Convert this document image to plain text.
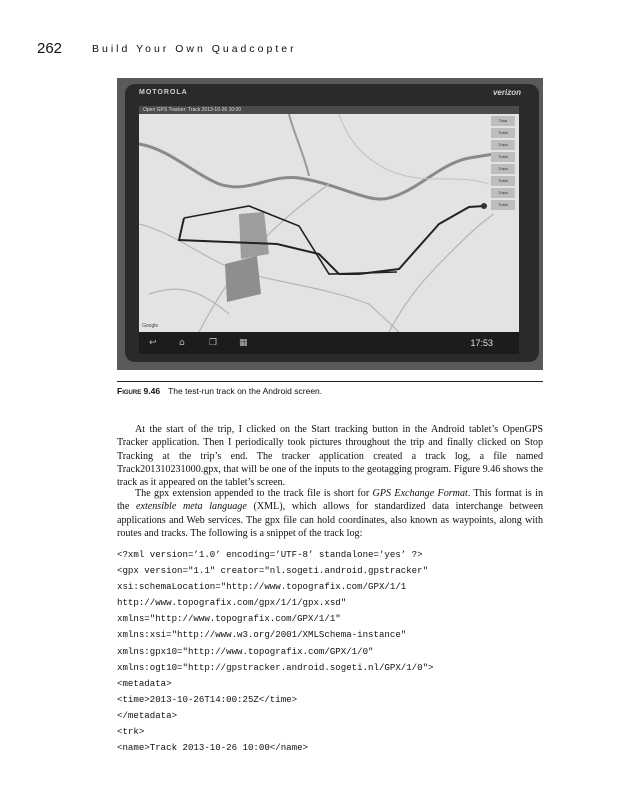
262	Build Your Own Quadcopter
MOTOROLA	verizon
Open GPS Tracker: Track 2013-10-26 10:00
Total
Track
Track
Track
Track
Track
Track
Track
Google
↩ ⌂	❐ ▦	17:53
Figure 9.46 The test-run track on the Android screen.

At the start of the trip, I clicked on the Start tracking button in the Android tablet’s OpenGPS Tracker application. Then I periodically took pictures throughout the trip and finally clicked on Stop Tracking at the trip’s end. The tracker application created a track log, a file named Track201310231000.gpx, that will be one of the inputs to the geotagging program. Figure 9.46 shows the track as it appeared on the tablet’s screen.

The gpx extension appended to the track file is short for GPS Exchange Format. This format is in the extensible meta language (XML), which allows for standardized data interchange between applications and Web services. The gpx file can hold coordinates, also known as waypoints, along with routes and tracks. The following is a snippet of the track log:

<?xml version=’1.0’ encoding=’UTF-8’ standalone=’yes’ ?>
<gpx version="1.1" creator="nl.sogeti.android.gpstracker"
xsi:schemaLocation="http://www.topografix.com/GPX/1/1
http://www.topografix.com/gpx/1/1/gpx.xsd"
xmlns="http://www.topografix.com/GPX/1/1"
xmlns:xsi="http://www.w3.org/2001/XMLSchema-instance"
xmlns:gpx10="http://www.topografix.com/GPX/1/0"
xmlns:ogt10="http://gpstracker.android.sogeti.nl/GPX/1/0">
<metadata>
<time>2013-10-26T14:00:25Z</time>
</metadata>
<trk>
<name>Track 2013-10-26 10:00</name>
